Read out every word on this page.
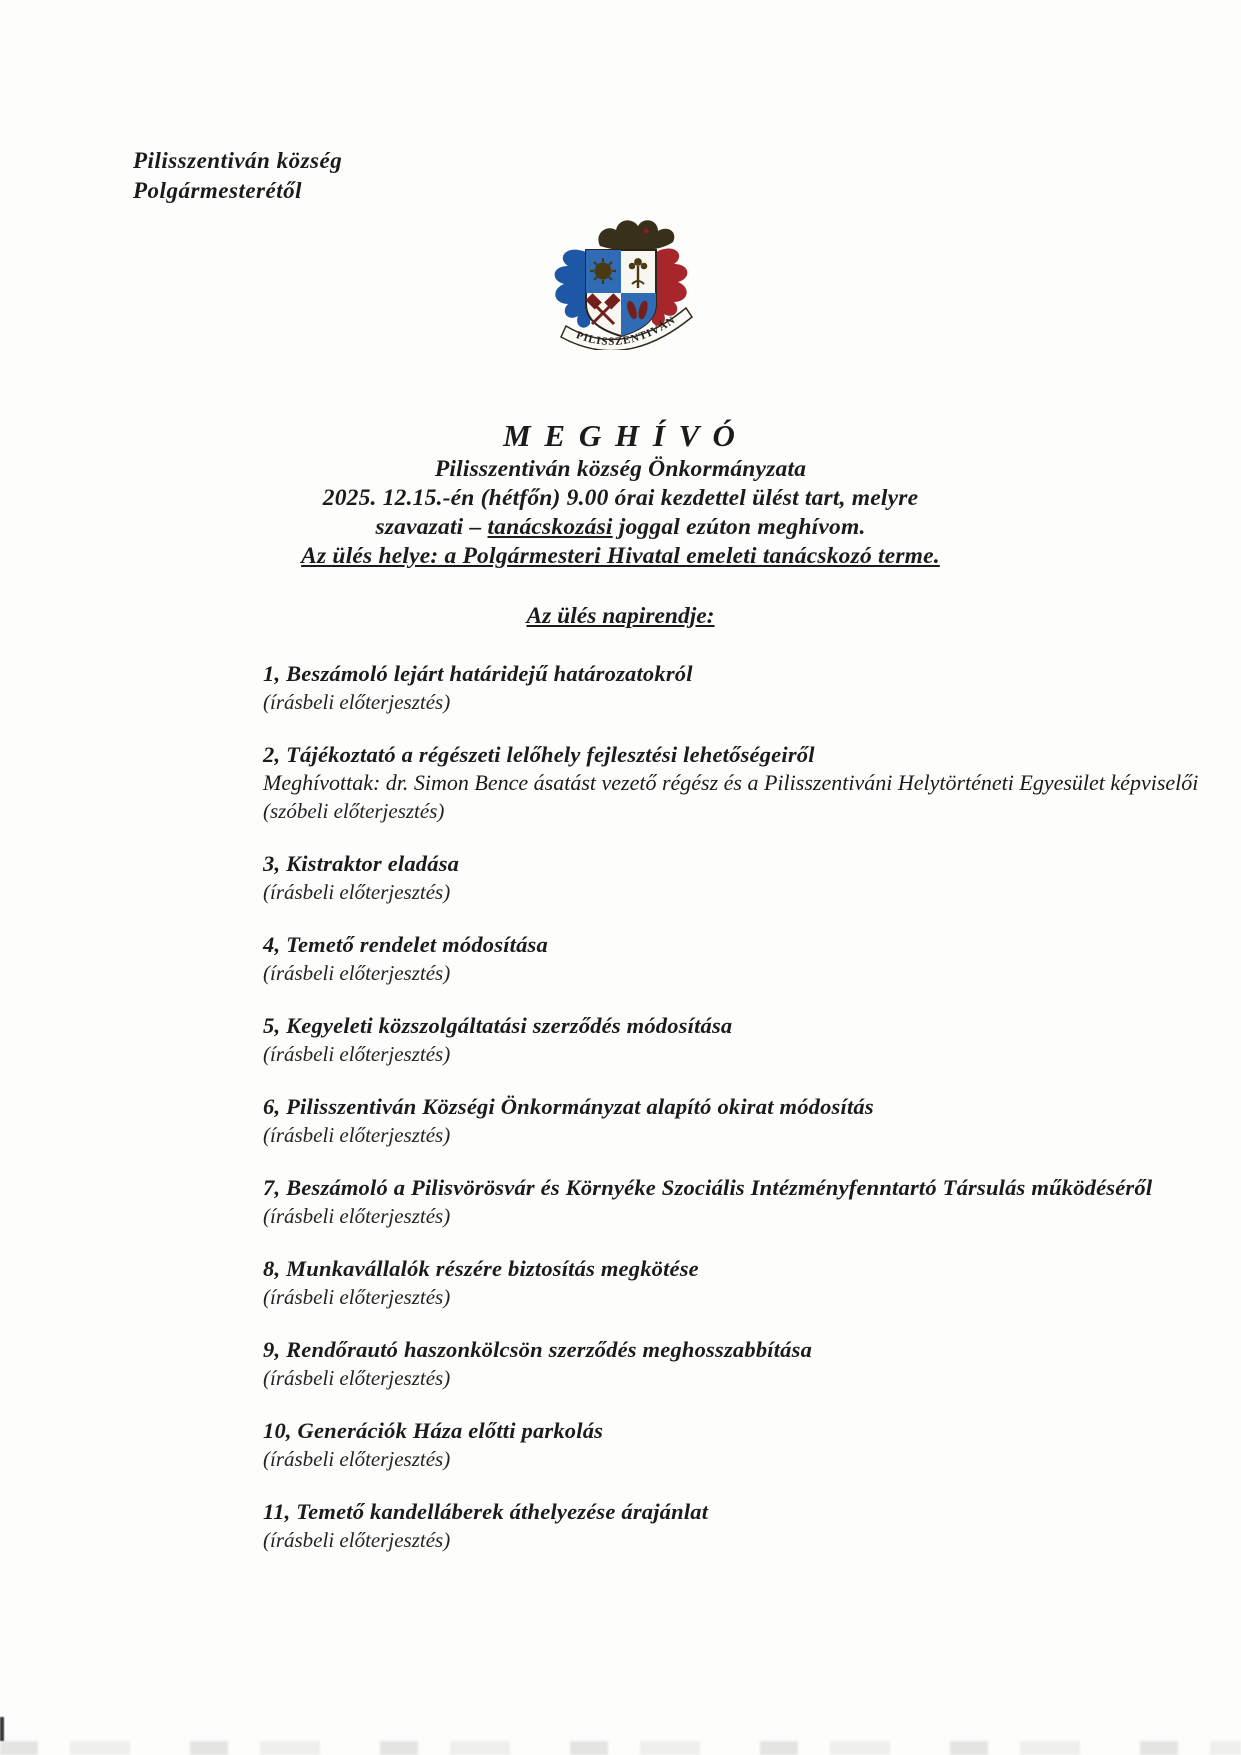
Pilisszentiván község
Polgármesterétől
PILISSZENTIVÁN
M E G H Í V Ó
Pilisszentiván község Önkormányzata
2025. 12.15.-én (hétfőn) 9.00 órai kezdettel ülést tart, melyre
szavazati – tanácskozási joggal ezúton meghívom.
Az ülés helye: a Polgármesteri Hivatal emeleti tanácskozó terme.
Az ülés napirendje:
1, Beszámoló lejárt határidejű határozatokról
(írásbeli előterjesztés)
2, Tájékoztató a régészeti lelőhely fejlesztési lehetőségeiről
Meghívottak: dr. Simon Bence ásatást vezető régész és a Pilisszentiváni Helytörténeti Egyesület képviselői
(szóbeli előterjesztés)
3, Kistraktor eladása
(írásbeli előterjesztés)
4, Temető rendelet módosítása
(írásbeli előterjesztés)
5, Kegyeleti közszolgáltatási szerződés módosítása
(írásbeli előterjesztés)
6, Pilisszentiván Községi Önkormányzat alapító okirat módosítás
(írásbeli előterjesztés)
7, Beszámoló a Pilisvörösvár és Környéke Szociális Intézményfenntartó Társulás működéséről
(írásbeli előterjesztés)
8, Munkavállalók részére biztosítás megkötése
(írásbeli előterjesztés)
9, Rendőrautó haszonkölcsön szerződés meghosszabbítása
(írásbeli előterjesztés)
10, Generációk Háza előtti parkolás
(írásbeli előterjesztés)
11, Temető kandelláberek áthelyezése árajánlat
(írásbeli előterjesztés)
